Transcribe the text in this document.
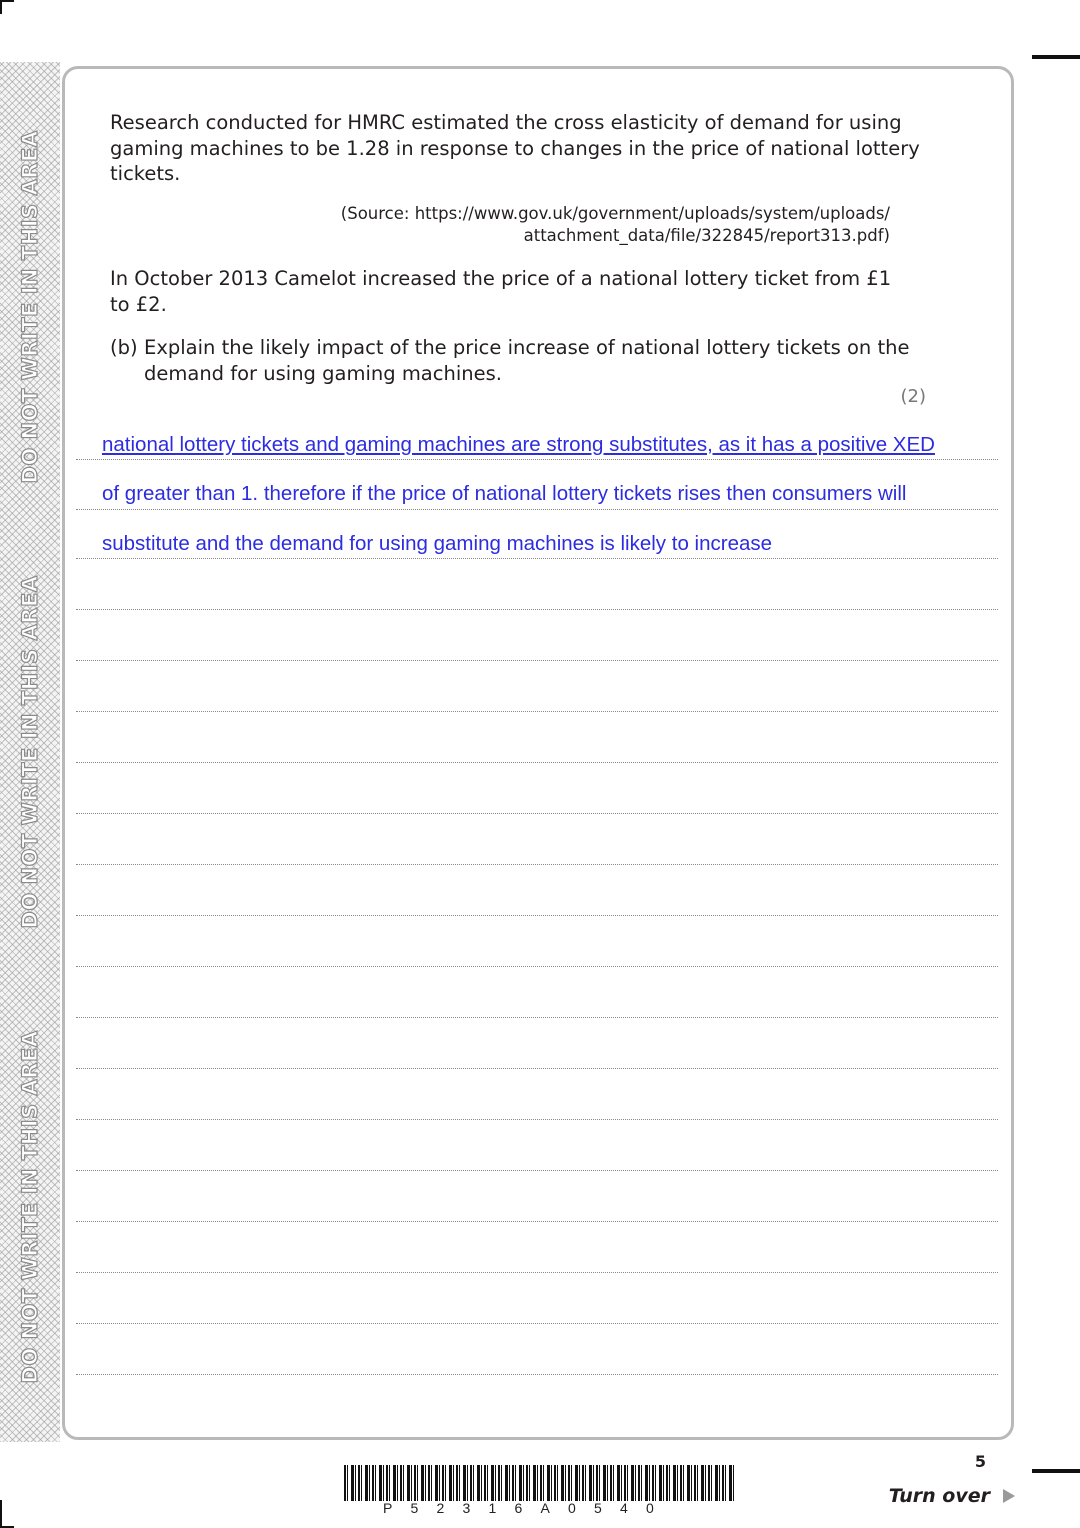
DO NOT WRITE IN THIS AREA
DO NOT WRITE IN THIS AREA
DO NOT WRITE IN THIS AREA
Research conducted for HMRC estimated the cross elasticity of demand for using
gaming machines to be 1.28 in response to changes in the price of national lottery
tickets.
(Source: https://www.gov.uk/government/uploads/system/uploads/
attachment_data/file/322845/report313.pdf)
In October 2013 Camelot increased the price of a national lottery ticket from £1
to £2.
(b) Explain the likely impact of the price increase of national lottery tickets on the
demand for using gaming machines.
(2)
national lottery tickets and gaming machines are strong substitutes, as it has a positive XED
of greater than 1. therefore if the price of national lottery tickets rises then consumers will
substitute and the demand for using gaming machines is likely to increase
P52316A0540
5
Turn over
